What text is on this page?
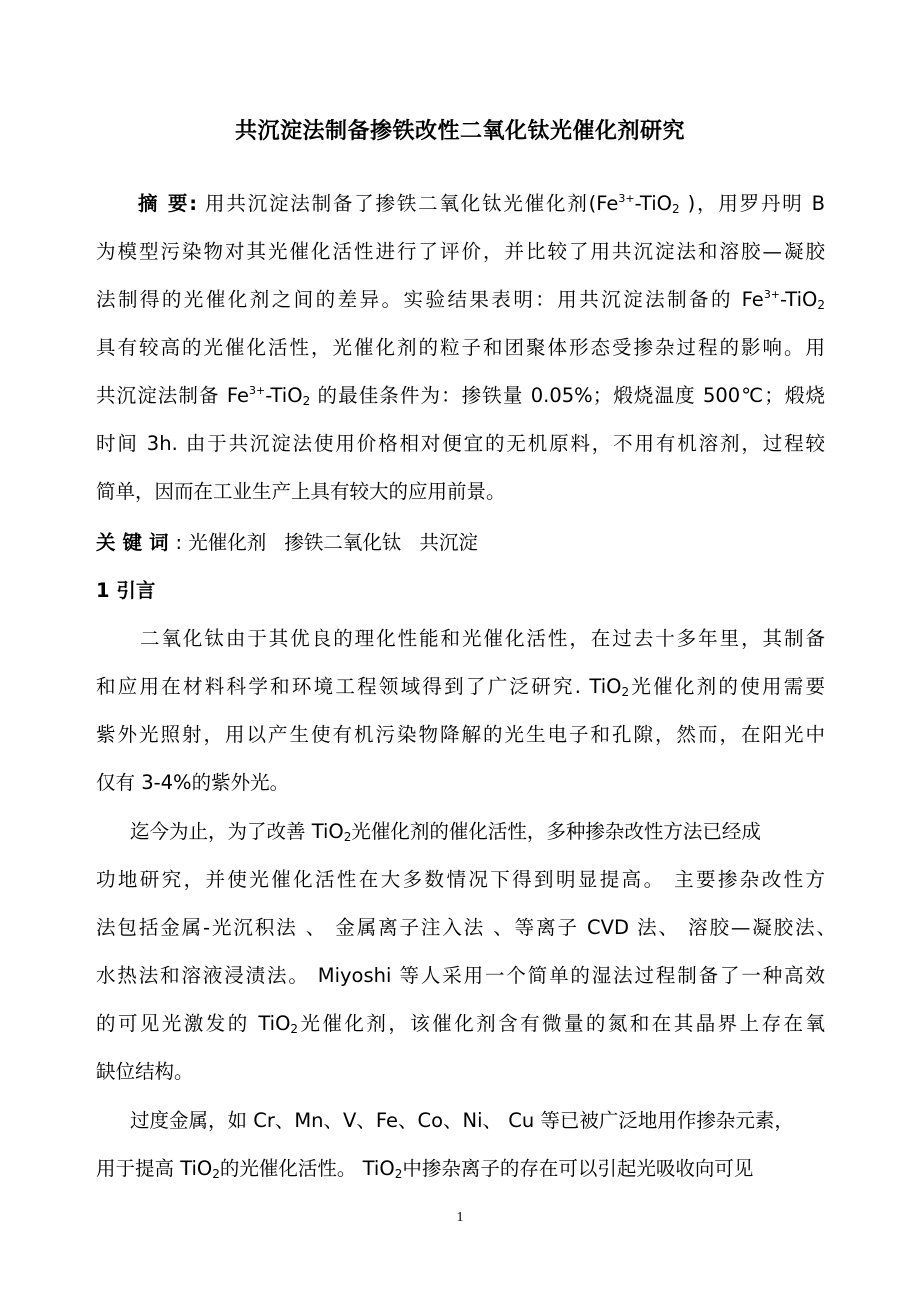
共沉淀法制备掺铁改性二氧化钛光催化剂研究
摘 要: 用共沉淀法制备了掺铁二氧化钛光催化剂($Fe^{3+}-TiO_2$ )，用罗丹明 B
为模型污染物对其光催化活性进行了评价，并比较了用共沉淀法和溶胶—凝胶
法制得的光催化剂之间的差异。实验结果表明：用共沉淀法制备的 $Fe^{3+}-TiO_2$
具有较高的光催化活性，光催化剂的粒子和团聚体形态受掺杂过程的影响。用
共沉淀法制备 $Fe^{3+}-TiO_2$ 的最佳条件为：掺铁量 0.05%；煅烧温度 500℃；煅烧
时间 3h. 由于共沉淀法使用价格相对便宜的无机原料，不用有机溶剂，过程较
简单，因而在工业生产上具有较大的应用前景。
关键词: 光催化剂 掺铁二氧化钛 共沉淀
1 引言
二氧化钛由于其优良的理化性能和光催化活性，在过去十多年里，其制备
和应用在材料科学和环境工程领域得到了广泛研究. TiO$_2$光催化剂的使用需要
紫外光照射，用以产生使有机污染物降解的光生电子和孔隙，然而，在阳光中
仅有 3-4%的紫外光。
迄今为止，为了改善 TiO$_2$光催化剂的催化活性，多种掺杂改性方法已经成
功地研究，并使光催化活性在大多数情况下得到明显提高。 主要掺杂改性方
法包括金属-光沉积法 、 金属离子注入法 、等离子 CVD 法、 溶胶—凝胶法、
水热法和溶液浸渍法。 Miyoshi 等人采用一个简单的湿法过程制备了一种高效
的可见光激发的 TiO$_2$光催化剂，该催化剂含有微量的氮和在其晶界上存在氧
缺位结构。
过度金属，如 Cr、Mn、V、Fe、Co、Ni、 Cu 等已被广泛地用作掺杂元素，
用于提高 TiO$_2$的光催化活性。 TiO$_2$中掺杂离子的存在可以引起光吸收向可见
1
